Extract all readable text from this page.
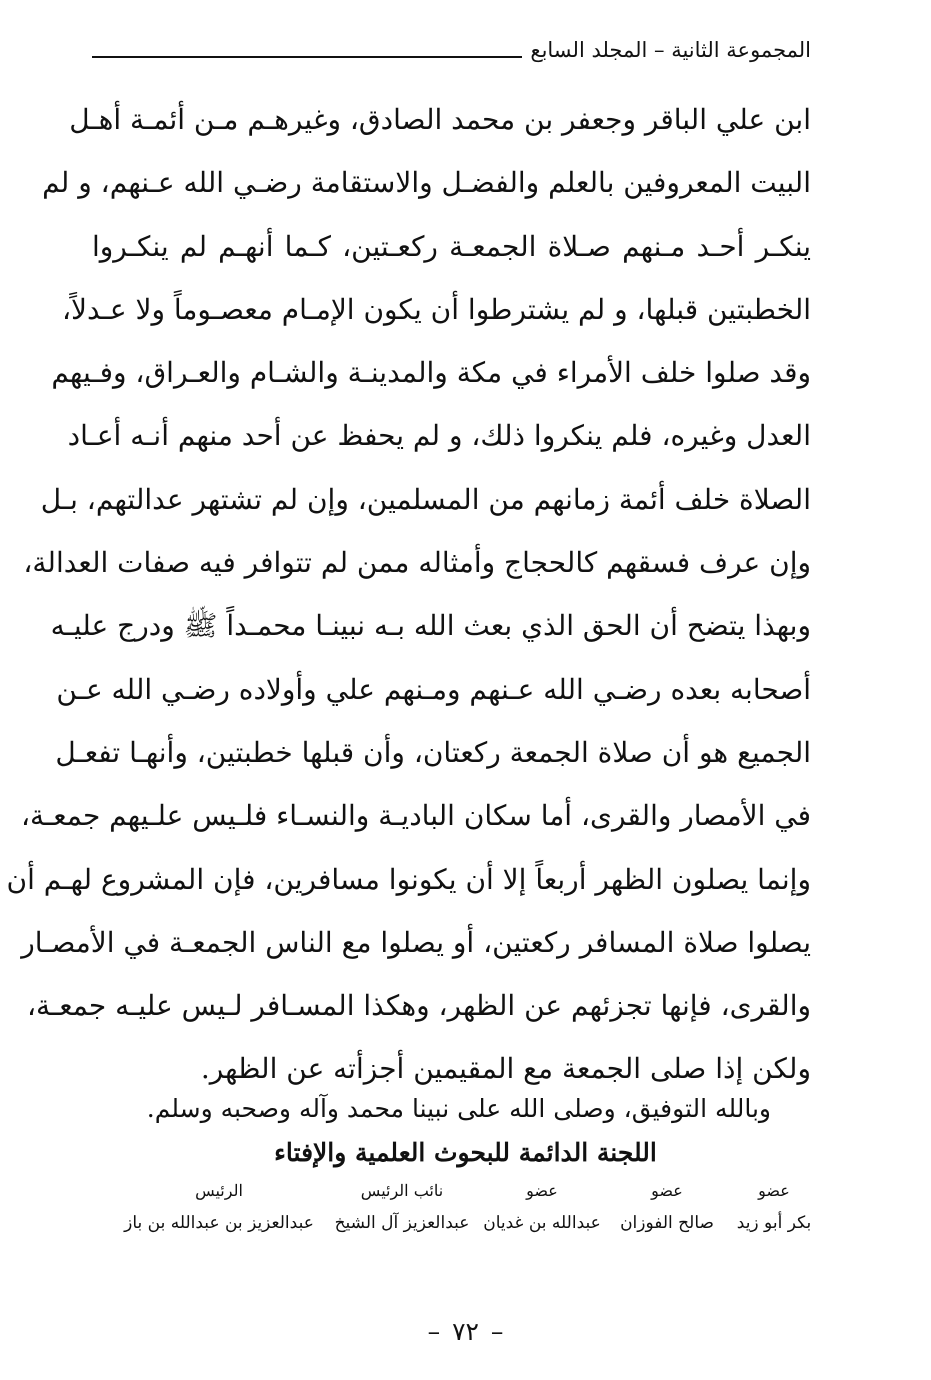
المجموعة الثانية – المجلد السابع
ابن علي الباقر وجعفر بن محمد الصادق، وغيرهـم مـن أئمـة أهـل
البيت المعروفين بالعلم والفضـل والاستقامة رضـي الله عـنهم، و لم
ينكـر أحـد مـنهم صـلاة الجمعـة ركعـتين، كـما أنهـم لم ينكـروا
الخطبتين قبلها، و لم يشترطوا أن يكون الإمـام معصـوماً ولا عـدلاً،
وقد صلوا خلف الأمراء في مكة والمدينـة والشـام والعـراق، وفـيهم
العدل وغيره، فلم ينكروا ذلك، و لم يحفظ عن أحد منهم أنـه أعـاد
الصلاة خلف أئمة زمانهم من المسلمين، وإن لم تشتهر عدالتهم، بـل
وإن عرف فسقهم كالحجاج وأمثاله ممن لم تتوافر فيه صفات العدالة،
وبهذا يتضح أن الحق الذي بعث الله بـه نبينـا محمـداً ﷺ ودرج عليـه
أصحابه بعده رضـي الله عـنهم ومـنهم علي وأولاده رضـي الله عـن
الجميع هو أن صلاة الجمعة ركعتان، وأن قبلها خطبتين، وأنهـا تفعـل
في الأمصار والقرى، أما سكان الباديـة والنسـاء فلـيس علـيهم جمعـة،
وإنما يصلون الظهر أربعاً إلا أن يكونوا مسافرين، فإن المشروع لهـم أن
يصلوا صلاة المسافر ركعتين، أو يصلوا مع الناس الجمعـة في الأمصـار
والقرى، فإنها تجزئهم عن الظهر، وهكذا المسـافر لـيس عليـه جمعـة،
ولكن إذا صلى الجمعة مع المقيمين أجزأته عن الظهر.
وبالله التوفيق، وصلى الله على نبينا محمد وآله وصحبه وسلم.
اللجنة الدائمة للبحوث العلمية والإفتاء
عضو
بكر أبو زيد
عضو
صالح الفوزان
عضو
عبدالله بن غديان
نائب الرئيس
عبدالعزيز آل الشيخ
الرئيس
عبدالعزيز بن عبدالله بن باز
–٧٢–
